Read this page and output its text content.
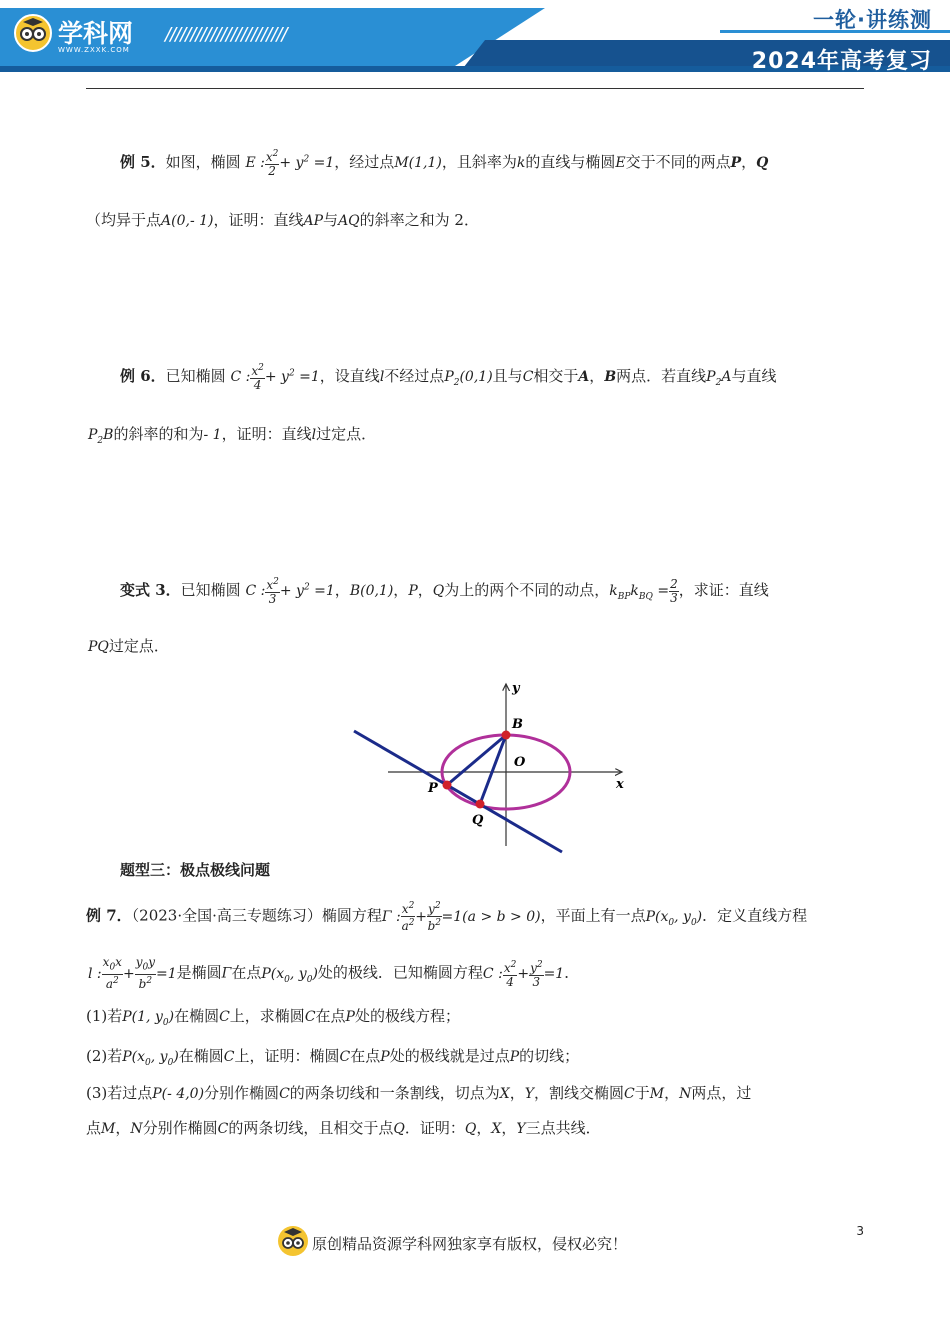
学科网
WWW.ZXXK.COM
////////////////////////
一轮·讲练测
2024年高考复习
例 5．如图，椭圆 E : $\frac{x^2}{2} + y^2 =1$，经过点M(1,1)，且斜率为k的直线与椭圆E交于不同的两点P，Q
（均异于点A(0,- 1)，证明：直线AP与AQ的斜率之和为 2．
例 6．已知椭圆 C : $\frac{x^2}{4} + y^2 =1$，设直线l不经过点$P_2(0,1)$且与C相交于A，B两点．若直线$P_2A$与直线
$P_2B$的斜率的和为- 1，证明：直线l过定点．
变式 3．已知椭圆 C : $\frac{x^2}{3} + y^2 =1$，B(0,1)，P，Q为上的两个不同的动点，$k_{BP}k_{BQ} = \frac{2}{3}$ ，求证：直线
PQ过定点．
y
x
O
B
P
Q
题型三：极点极线问题
例 7．（2023·全国·高三专题练习）椭圆方程Γ : $\frac{x^2}{a^2} + \frac{y^2}{b^2} =1(a > b > 0)$，平面上有一点$P(x_0$, $y_0$)．定义直线方程
l : $\frac{x_0x}{a^2} + \frac{y_0y}{b^2} =1$是椭圆Γ在点$P(x_0$, $y_0$)处的极线．已知椭圆方程C : $\frac{x^2}{4} + \frac{y^2}{3} =1$．
(1)若P(1, $y_0$)在椭圆C上，求椭圆C在点P处的极线方程；
(2)若$P(x_0$, $y_0$)在椭圆C上，证明：椭圆C在点P处的极线就是过点P的切线；
(3)若过点P(- 4,0)分别作椭圆C的两条切线和一条割线，切点为X，Y，割线交椭圆C于M，N两点，过
点M，N分别作椭圆C的两条切线，且相交于点Q．证明：Q，X，Y三点共线．
3
原创精品资源学科网独家享有版权，侵权必究！
